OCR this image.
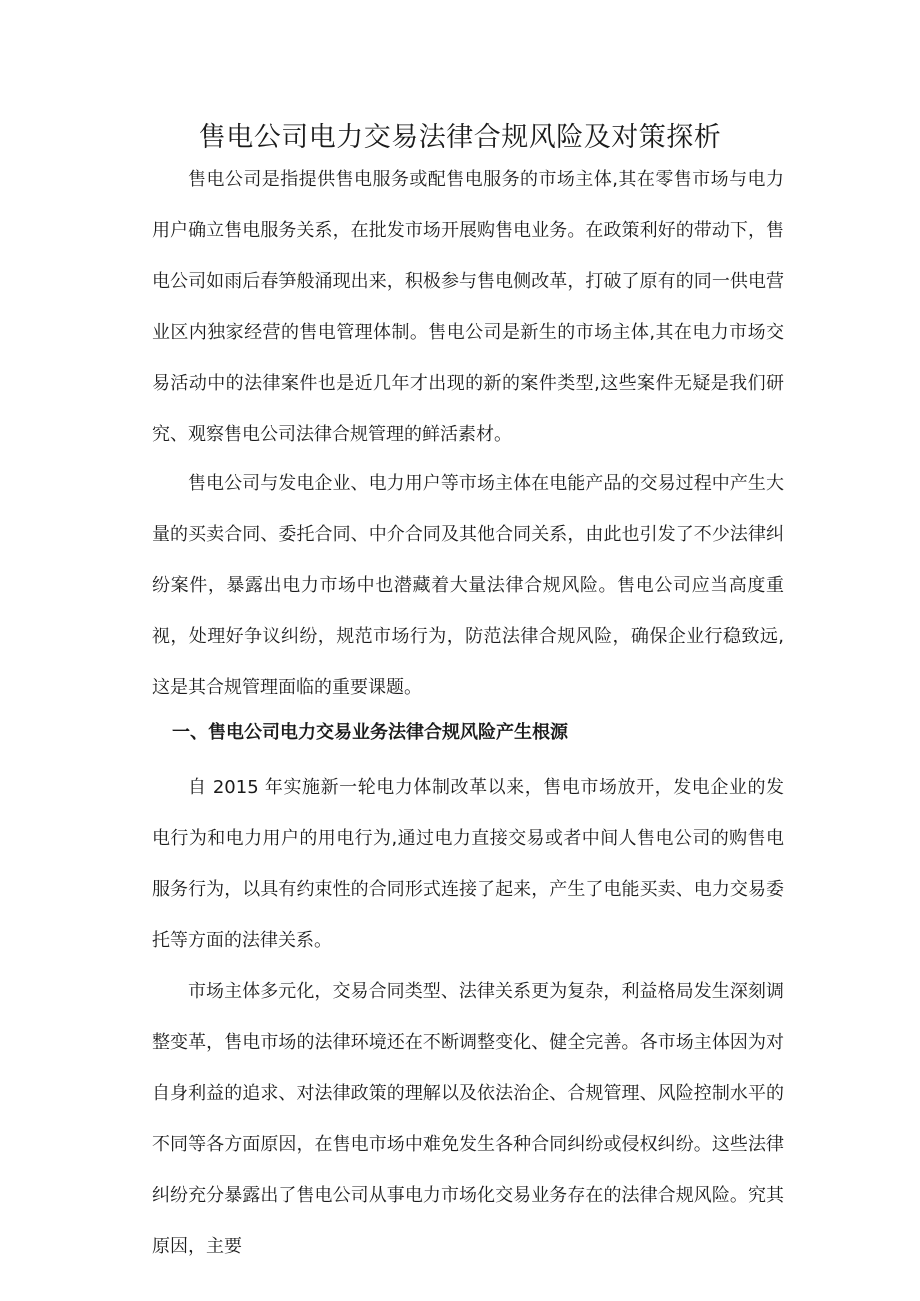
售电公司电力交易法律合规风险及对策探析

售电公司是指提供售电服务或配售电服务的市场主体,其在零售市场与电力用户确立售电服务关系，在批发市场开展购售电业务。在政策利好的带动下，售电公司如雨后春笋般涌现出来，积极参与售电侧改革，打破了原有的同一供电营业区内独家经营的售电管理体制。售电公司是新生的市场主体,其在电力市场交易活动中的法律案件也是近几年才出现的新的案件类型,这些案件无疑是我们研究、观察售电公司法律合规管理的鲜活素材。

售电公司与发电企业、电力用户等市场主体在电能产品的交易过程中产生大量的买卖合同、委托合同、中介合同及其他合同关系，由此也引发了不少法律纠纷案件，暴露出电力市场中也潜藏着大量法律合规风险。售电公司应当高度重视，处理好争议纠纷，规范市场行为，防范法律合规风险，确保企业行稳致远,这是其合规管理面临的重要课题。

一、售电公司电力交易业务法律合规风险产生根源

自 2015 年实施新一轮电力体制改革以来，售电市场放开，发电企业的发电行为和电力用户的用电行为,通过电力直接交易或者中间人售电公司的购售电服务行为，以具有约束性的合同形式连接了起来，产生了电能买卖、电力交易委托等方面的法律关系。

市场主体多元化，交易合同类型、法律关系更为复杂，利益格局发生深刻调整变革，售电市场的法律环境还在不断调整变化、健全完善。各市场主体因为对自身利益的追求、对法律政策的理解以及依法治企、合规管理、风险控制水平的不同等各方面原因，在售电市场中难免发生各种合同纠纷或侵权纠纷。这些法律纠纷充分暴露出了售电公司从事电力市场化交易业务存在的法律合规风险。究其原因，主要
